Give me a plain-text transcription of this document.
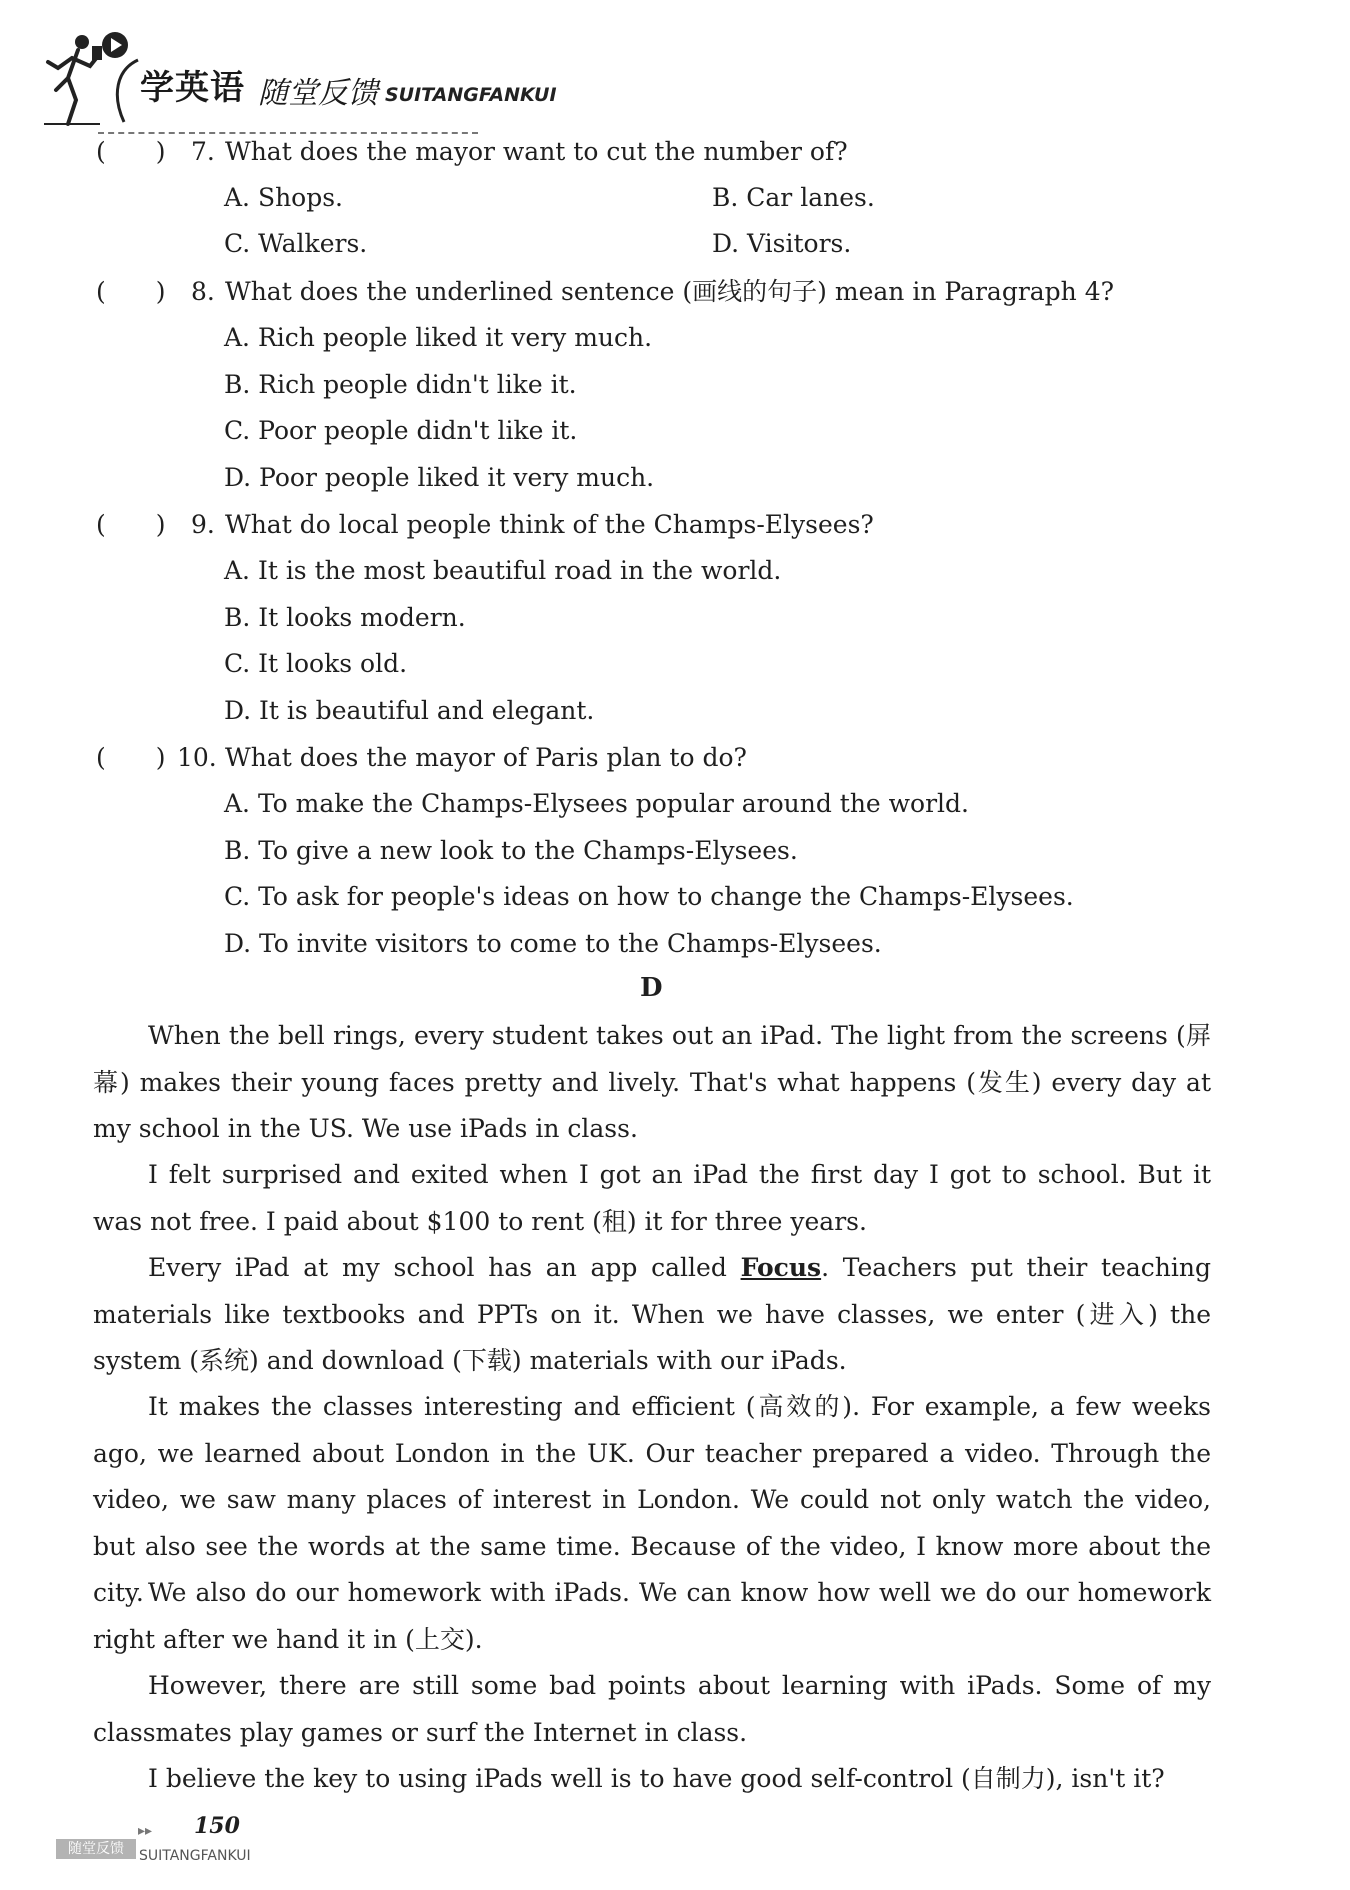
学英语 随堂反馈 SUITANGFANKUI
(  ) 7. What does the mayor want to cut the number of?
A. Shops.	B. Car lanes.
C. Walkers.	D. Visitors.
(  ) 8. What does the underlined sentence (画线的句子) mean in Paragraph 4?
A. Rich people liked it very much.
B. Rich people didn't like it.
C. Poor people didn't like it.
D. Poor people liked it very much.
(  ) 9. What do local people think of the Champs-Elysees?
A. It is the most beautiful road in the world.
B. It looks modern.
C. It looks old.
D. It is beautiful and elegant.
(  ) 10. What does the mayor of Paris plan to do?
A. To make the Champs-Elysees popular around the world.
B. To give a new look to the Champs-Elysees.
C. To ask for people's ideas on how to change the Champs-Elysees.
D. To invite visitors to come to the Champs-Elysees.
D
When the bell rings, every student takes out an iPad. The light from the screens (屏幕) makes their young faces pretty and lively. That's what happens (发生) every day at my school in the US. We use iPads in class.
I felt surprised and exited when I got an iPad the first day I got to school. But it was not free. I paid about $100 to rent (租) it for three years.
Every iPad at my school has an app called Focus. Teachers put their teaching materials like textbooks and PPTs on it. When we have classes, we enter (进入) the system (系统) and download (下载) materials with our iPads.
It makes the classes interesting and efficient (高效的). For example, a few weeks ago, we learned about London in the UK. Our teacher prepared a video. Through the video, we saw many places of interest in London. We could not only watch the video, but also see the words at the same time. Because of the video, I know more about the city. We also do our homework with iPads. We can know how well we do our homework right after we hand it in (上交).
However, there are still some bad points about learning with iPads. Some of my classmates play games or surf the Internet in class.
I believe the key to using iPads well is to have good self-control (自制力), isn't it?
▸▸ 150
随堂反馈	SUITANGFANKUI
